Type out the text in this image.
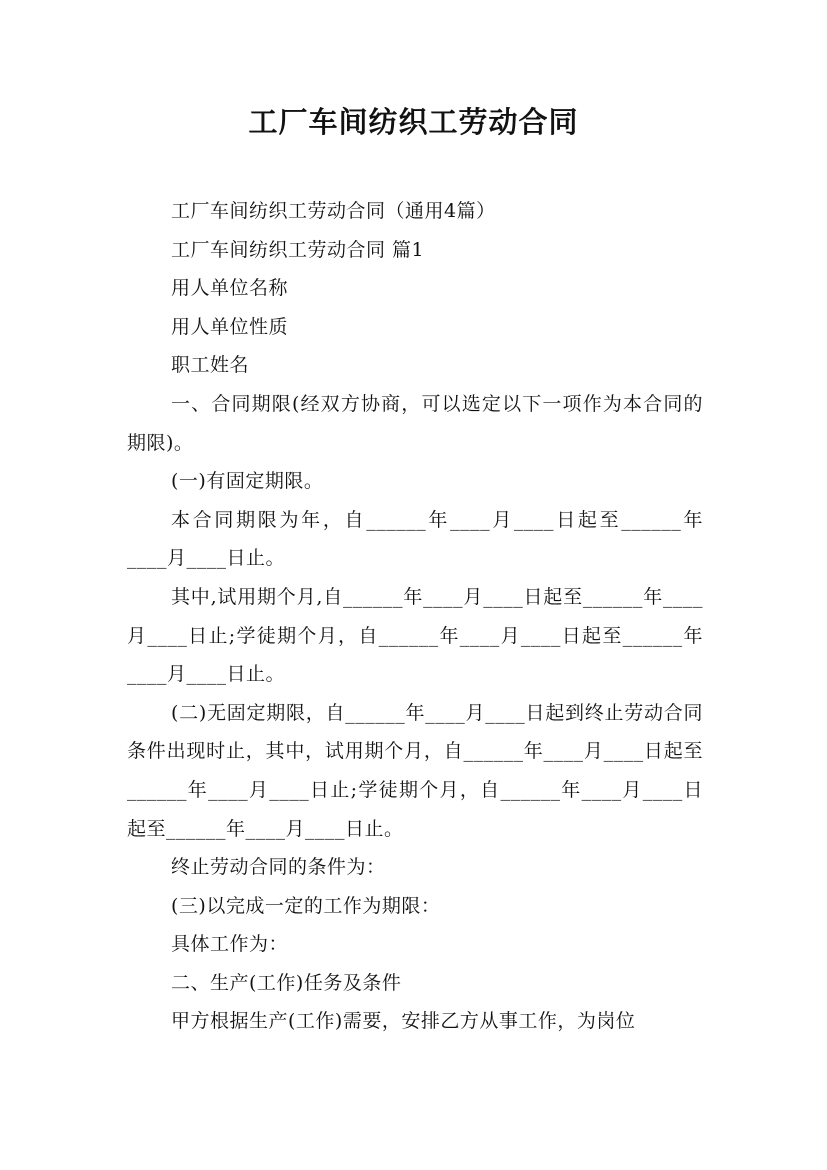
工厂车间纺织工劳动合同

工厂车间纺织工劳动合同（通用4篇）

工厂车间纺织工劳动合同 篇1

用人单位名称

用人单位性质

职工姓名

一、合同期限(经双方协商，可以选定以下一项作为本合同的期限)。

(一)有固定期限。

本合同期限为年，自______年____月____日起至______年____月____日止。

其中,试用期个月,自______年____月____日起至______年____月____日止;学徒期个月，自______年____月____日起至______年____月____日止。

(二)无固定期限，自______年____月____日起到终止劳动合同条件出现时止，其中，试用期个月，自______年____月____日起至______年____月____日止;学徒期个月，自______年____月____日起至______年____月____日止。

终止劳动合同的条件为：

(三)以完成一定的工作为期限：

具体工作为：

二、生产(工作)任务及条件

甲方根据生产(工作)需要，安排乙方从事工作，为岗位
